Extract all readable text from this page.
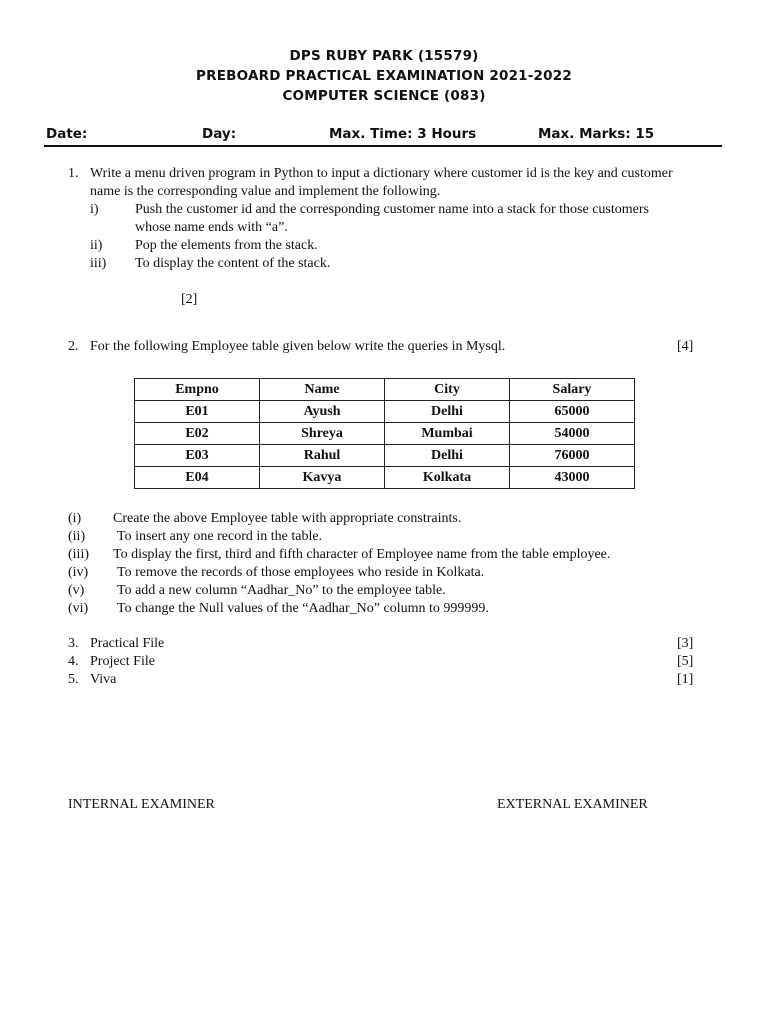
DPS RUBY PARK (15579)
PREBOARD PRACTICAL EXAMINATION 2021-2022
COMPUTER SCIENCE (083)
Date:	Day:	Max. Time: 3 Hours	Max. Marks: 15
1. Write a menu driven program in Python to input a dictionary where customer id is the key and customer
name is the corresponding value and implement the following.
i)	Push the customer id and the corresponding customer name into a stack for those customers
whose name ends with “a”.
ii) Pop the elements from the stack.
iii) To display the content of the stack.
[2]
2. For the following Employee table given below write the queries in Mysql.	[4]
Empno	Name	City	Salary
E01	Ayush	Delhi	65000
E02	Shreya	Mumbai	54000
E03	Rahul	Delhi	76000
E04	Kavya	Kolkata	43000
(i) Create the above Employee table with appropriate constraints.
(ii) To insert any one record in the table.
(iii) To display the first, third and fifth character of Employee name from the table employee.
(iv) To remove the records of those employees who reside in Kolkata.
(v) To add a new column “Aadhar_No” to the employee table.
(vi) To change the Null values of the “Aadhar_No” column to 999999.
3. Practical File	[3]
4. Project File	[5]
5. Viva	[1]
INTERNAL EXAMINER	EXTERNAL EXAMINER
